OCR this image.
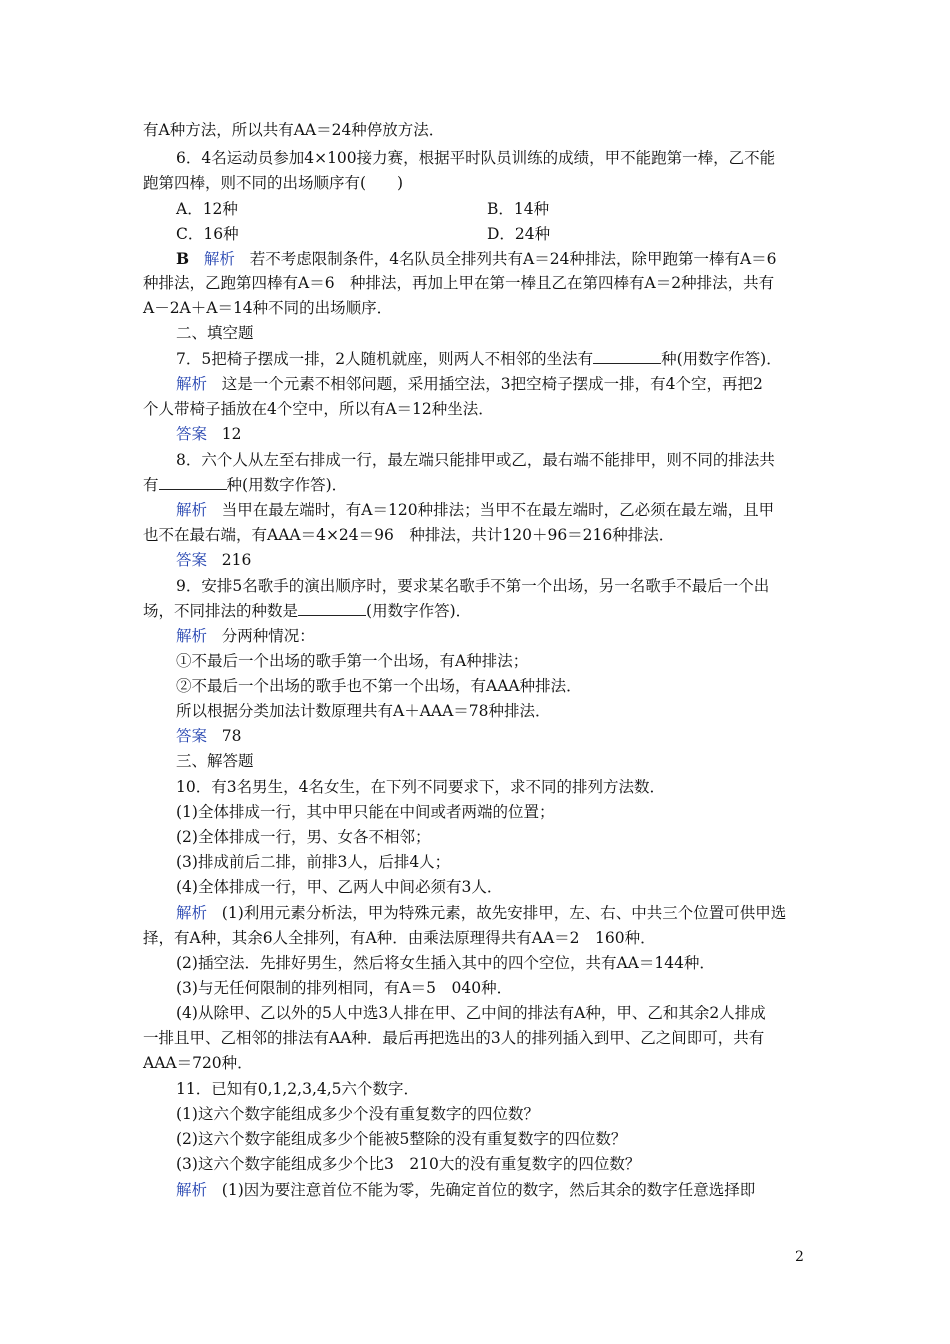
有A种方法，所以共有AA＝24种停放方法．
6．4名运动员参加4×100接力赛，根据平时队员训练的成绩，甲不能跑第一棒，乙不能
跑第四棒，则不同的出场顺序有(　　)
A．12种	B．14种
C．16种	D．24种
B 解析 若不考虑限制条件，4名队员全排列共有A＝24种排法，除甲跑第一棒有A＝6
种排法，乙跑第四棒有A＝6　种排法，再加上甲在第一棒且乙在第四棒有A＝2种排法，共有
A－2A＋A＝14种不同的出场顺序．
二、填空题
7．5把椅子摆成一排，2人随机就座，则两人不相邻的坐法有	种(用数字作答)．
解析 这是一个元素不相邻问题，采用插空法，3把空椅子摆成一排，有4个空，再把2
个人带椅子插放在4个空中，所以有A＝12种坐法．
答案 12
8．六个人从左至右排成一行，最左端只能排甲或乙，最右端不能排甲，则不同的排法共
有	种(用数字作答)．
解析 当甲在最左端时，有A＝120种排法；当甲不在最左端时，乙必须在最左端，且甲
也不在最右端，有AAA＝4×24＝96　种排法，共计120＋96＝216种排法．
答案 216
9．安排5名歌手的演出顺序时，要求某名歌手不第一个出场，另一名歌手不最后一个出
场，不同排法的种数是	(用数字作答)．
解析 分两种情况：
①不最后一个出场的歌手第一个出场，有A种排法；
②不最后一个出场的歌手也不第一个出场，有AAA种排法．
所以根据分类加法计数原理共有A＋AAA＝78种排法．
答案 78
三、解答题
10．有3名男生，4名女生，在下列不同要求下，求不同的排列方法数．
(1)全体排成一行，其中甲只能在中间或者两端的位置；
(2)全体排成一行，男、女各不相邻；
(3)排成前后二排，前排3人，后排4人；
(4)全体排成一行，甲、乙两人中间必须有3人．
解析 (1)利用元素分析法，甲为特殊元素，故先安排甲，左、右、中共三个位置可供甲选
择，有A种，其余6人全排列，有A种．由乘法原理得共有AA＝2　160种．
(2)插空法．先排好男生，然后将女生插入其中的四个空位，共有AA＝144种．
(3)与无任何限制的排列相同，有A＝5　040种．
(4)从除甲、乙以外的5人中选3人排在甲、乙中间的排法有A种，甲、乙和其余2人排成
一排且甲、乙相邻的排法有AA种．最后再把选出的3人的排列插入到甲、乙之间即可，共有
AAA＝720种．
11．已知有0,1,2,3,4,5六个数字．
(1)这六个数字能组成多少个没有重复数字的四位数？
(2)这六个数字能组成多少个能被5整除的没有重复数字的四位数？
(3)这六个数字能组成多少个比3　210大的没有重复数字的四位数？
解析 (1)因为要注意首位不能为零，先确定首位的数字，然后其余的数字任意选择即
2
